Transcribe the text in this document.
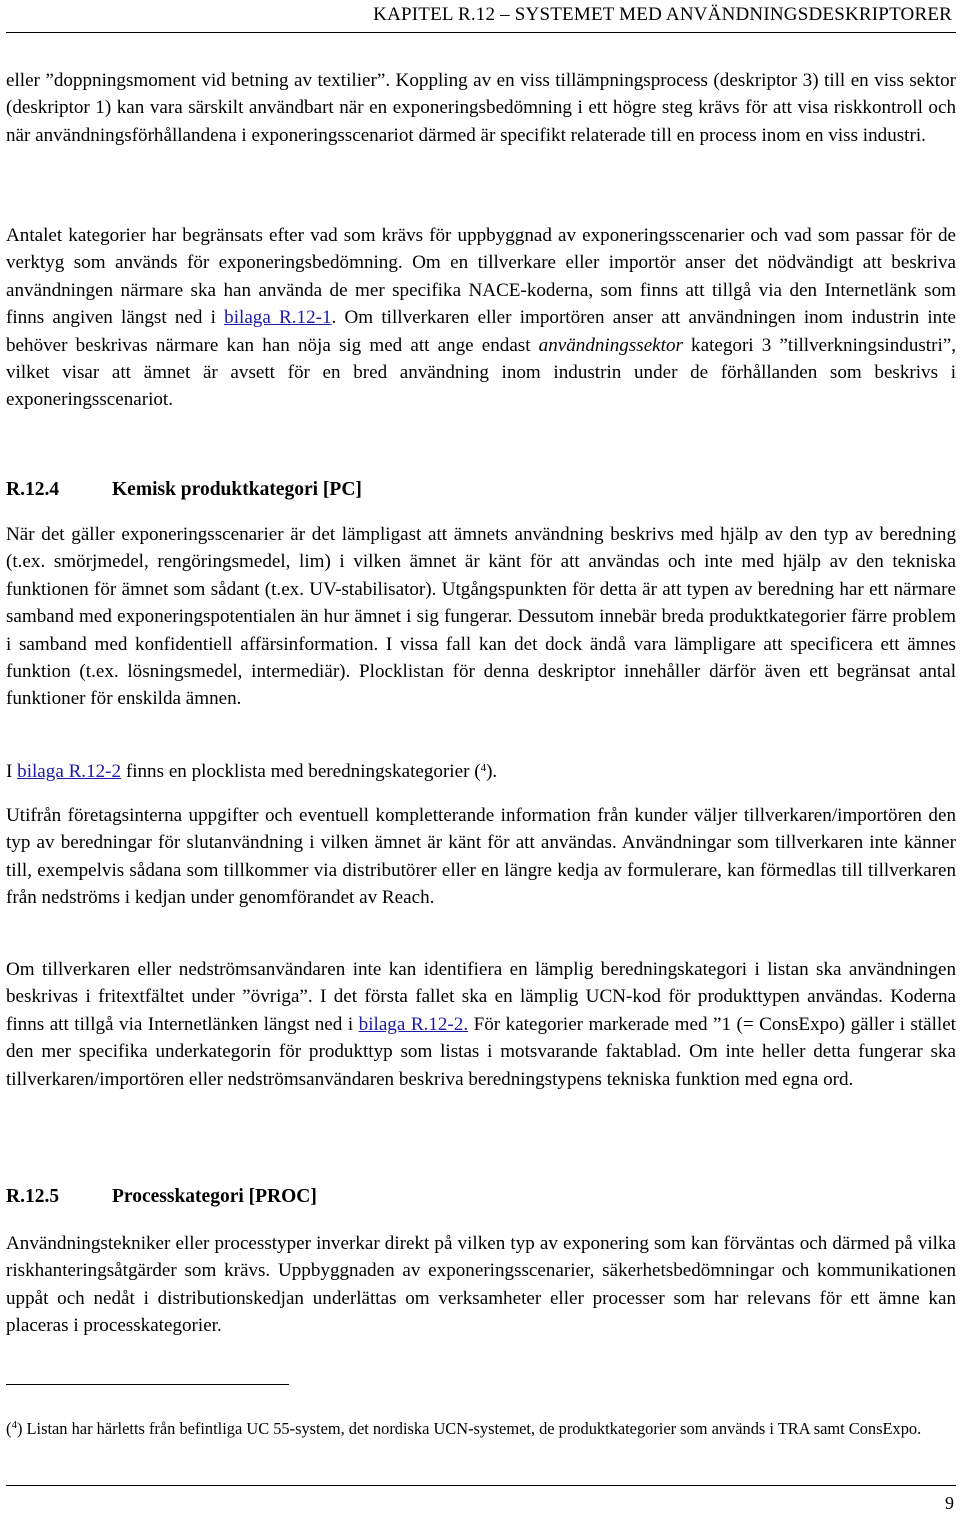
KAPITEL R.12 – SYSTEMET MED ANVÄNDNINGSDESKRIPTORER

eller ”doppningsmoment vid betning av textilier”. Koppling av en viss tillämpningsprocess (deskriptor 3) till en viss sektor (deskriptor 1) kan vara särskilt användbart när en exponeringsbedömning i ett högre steg krävs för att visa riskkontroll och när användningsförhållandena i exponeringsscenariot därmed är specifikt relaterade till en process inom en viss industri.

Antalet kategorier har begränsats efter vad som krävs för uppbyggnad av exponeringsscenarier och vad som passar för de verktyg som används för exponeringsbedömning. Om en tillverkare eller importör anser det nödvändigt att beskriva användningen närmare ska han använda de mer specifika NACE-koderna, som finns att tillgå via den Internetlänk som finns angiven längst ned i bilaga R.12-1. Om tillverkaren eller importören anser att användningen inom industrin inte behöver beskrivas närmare kan han nöja sig med att ange endast användningssektor kategori 3 ”tillverkningsindustri”, vilket visar att ämnet är avsett för en bred användning inom industrin under de förhållanden som beskrivs i exponeringsscenariot.

R.12.4	Kemisk produktkategori [PC]

När det gäller exponeringsscenarier är det lämpligast att ämnets användning beskrivs med hjälp av den typ av beredning (t.ex. smörjmedel, rengöringsmedel, lim) i vilken ämnet är känt för att användas och inte med hjälp av den tekniska funktionen för ämnet som sådant (t.ex. UV-stabilisator). Utgångspunkten för detta är att typen av beredning har ett närmare samband med exponeringspotentialen än hur ämnet i sig fungerar. Dessutom innebär breda produktkategorier färre problem i samband med konfidentiell affärsinformation. I vissa fall kan det dock ändå vara lämpligare att specificera ett ämnes funktion (t.ex. lösningsmedel, intermediär). Plocklistan för denna deskriptor innehåller därför även ett begränsat antal funktioner för enskilda ämnen.

I bilaga R.12-2 finns en plocklista med beredningskategorier ($^4$).

Utifrån företagsinterna uppgifter och eventuell kompletterande information från kunder väljer tillverkaren/importören den typ av beredningar för slutanvändning i vilken ämnet är känt för att användas. Användningar som tillverkaren inte känner till, exempelvis sådana som tillkommer via distributörer eller en längre kedja av formulerare, kan förmedlas till tillverkaren från nedströms i kedjan under genomförandet av Reach.

Om tillverkaren eller nedströmsanvändaren inte kan identifiera en lämplig beredningskategori i listan ska användningen beskrivas i fritextfältet under ”övriga”. I det första fallet ska en lämplig UCN-kod för produkttypen användas. Koderna finns att tillgå via Internetlänken längst ned i bilaga R.12-2. För kategorier markerade med ”1 (= ConsExpo) gäller i stället den mer specifika underkategorin för produkttyp som listas i motsvarande faktablad. Om inte heller detta fungerar ska tillverkaren/importören eller nedströmsanvändaren beskriva beredningstypens tekniska funktion med egna ord.

R.12.5	Processkategori [PROC]

Användningstekniker eller processtyper inverkar direkt på vilken typ av exponering som kan förväntas och därmed på vilka riskhanteringsåtgärder som krävs. Uppbyggnaden av exponeringsscenarier, säkerhetsbedömningar och kommunikationen uppåt och nedåt i distributionskedjan underlättas om verksamheter eller processer som har relevans för ett ämne kan placeras i processkategorier.

($^4$) Listan har härletts från befintliga UC 55-system, det nordiska UCN-systemet, de produktkategorier som används i TRA samt ConsExpo.

9
